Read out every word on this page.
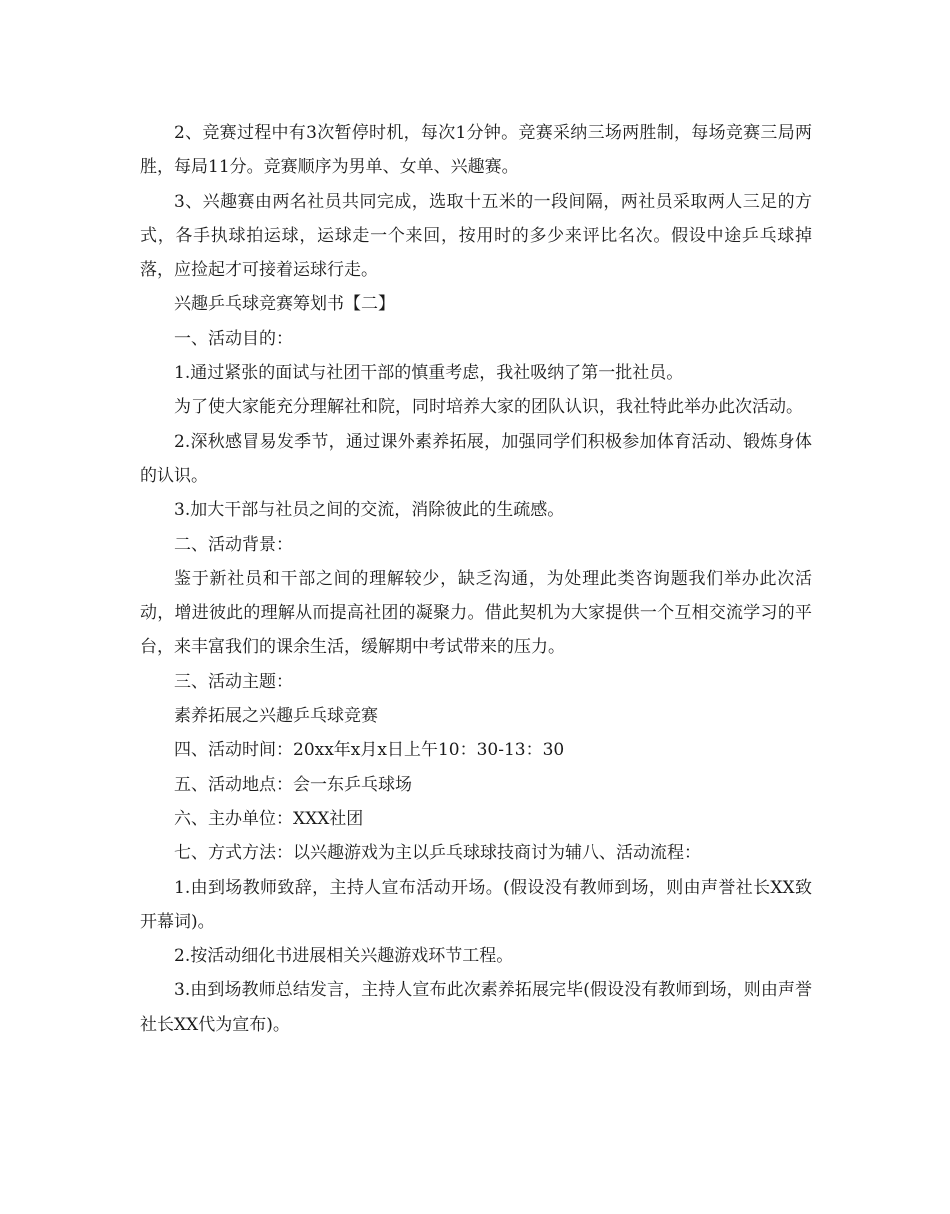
2、竞赛过程中有3次暂停时机，每次1分钟。竞赛采纳三场两胜制，每场竞赛三局两胜，每局11分。竞赛顺序为男单、女单、兴趣赛。

3、兴趣赛由两名社员共同完成，选取十五米的一段间隔，两社员采取两人三足的方式，各手执球拍运球，运球走一个来回，按用时的多少来评比名次。假设中途乒乓球掉落，应捡起才可接着运球行走。

兴趣乒乓球竞赛筹划书【二】

一、活动目的：

1.通过紧张的面试与社团干部的慎重考虑，我社吸纳了第一批社员。

为了使大家能充分理解社和院，同时培养大家的团队认识，我社特此举办此次活动。

2.深秋感冒易发季节，通过课外素养拓展，加强同学们积极参加体育活动、锻炼身体的认识。

3.加大干部与社员之间的交流，消除彼此的生疏感。

二、活动背景：

鉴于新社员和干部之间的理解较少，缺乏沟通，为处理此类咨询题我们举办此次活动，增进彼此的理解从而提高社团的凝聚力。借此契机为大家提供一个互相交流学习的平台，来丰富我们的课余生活，缓解期中考试带来的压力。

三、活动主题：

素养拓展之兴趣乒乓球竞赛

四、活动时间：20xx年x月x日上午10：30-13：30

五、活动地点：会一东乒乓球场

六、主办单位：XXX社团

七、方式方法：以兴趣游戏为主以乒乓球球技商讨为辅八、活动流程：

1.由到场教师致辞，主持人宣布活动开场。(假设没有教师到场，则由声誉社长XX致开幕词)。

2.按活动细化书进展相关兴趣游戏环节工程。

3.由到场教师总结发言，主持人宣布此次素养拓展完毕(假设没有教师到场，则由声誉社长XX代为宣布)。
